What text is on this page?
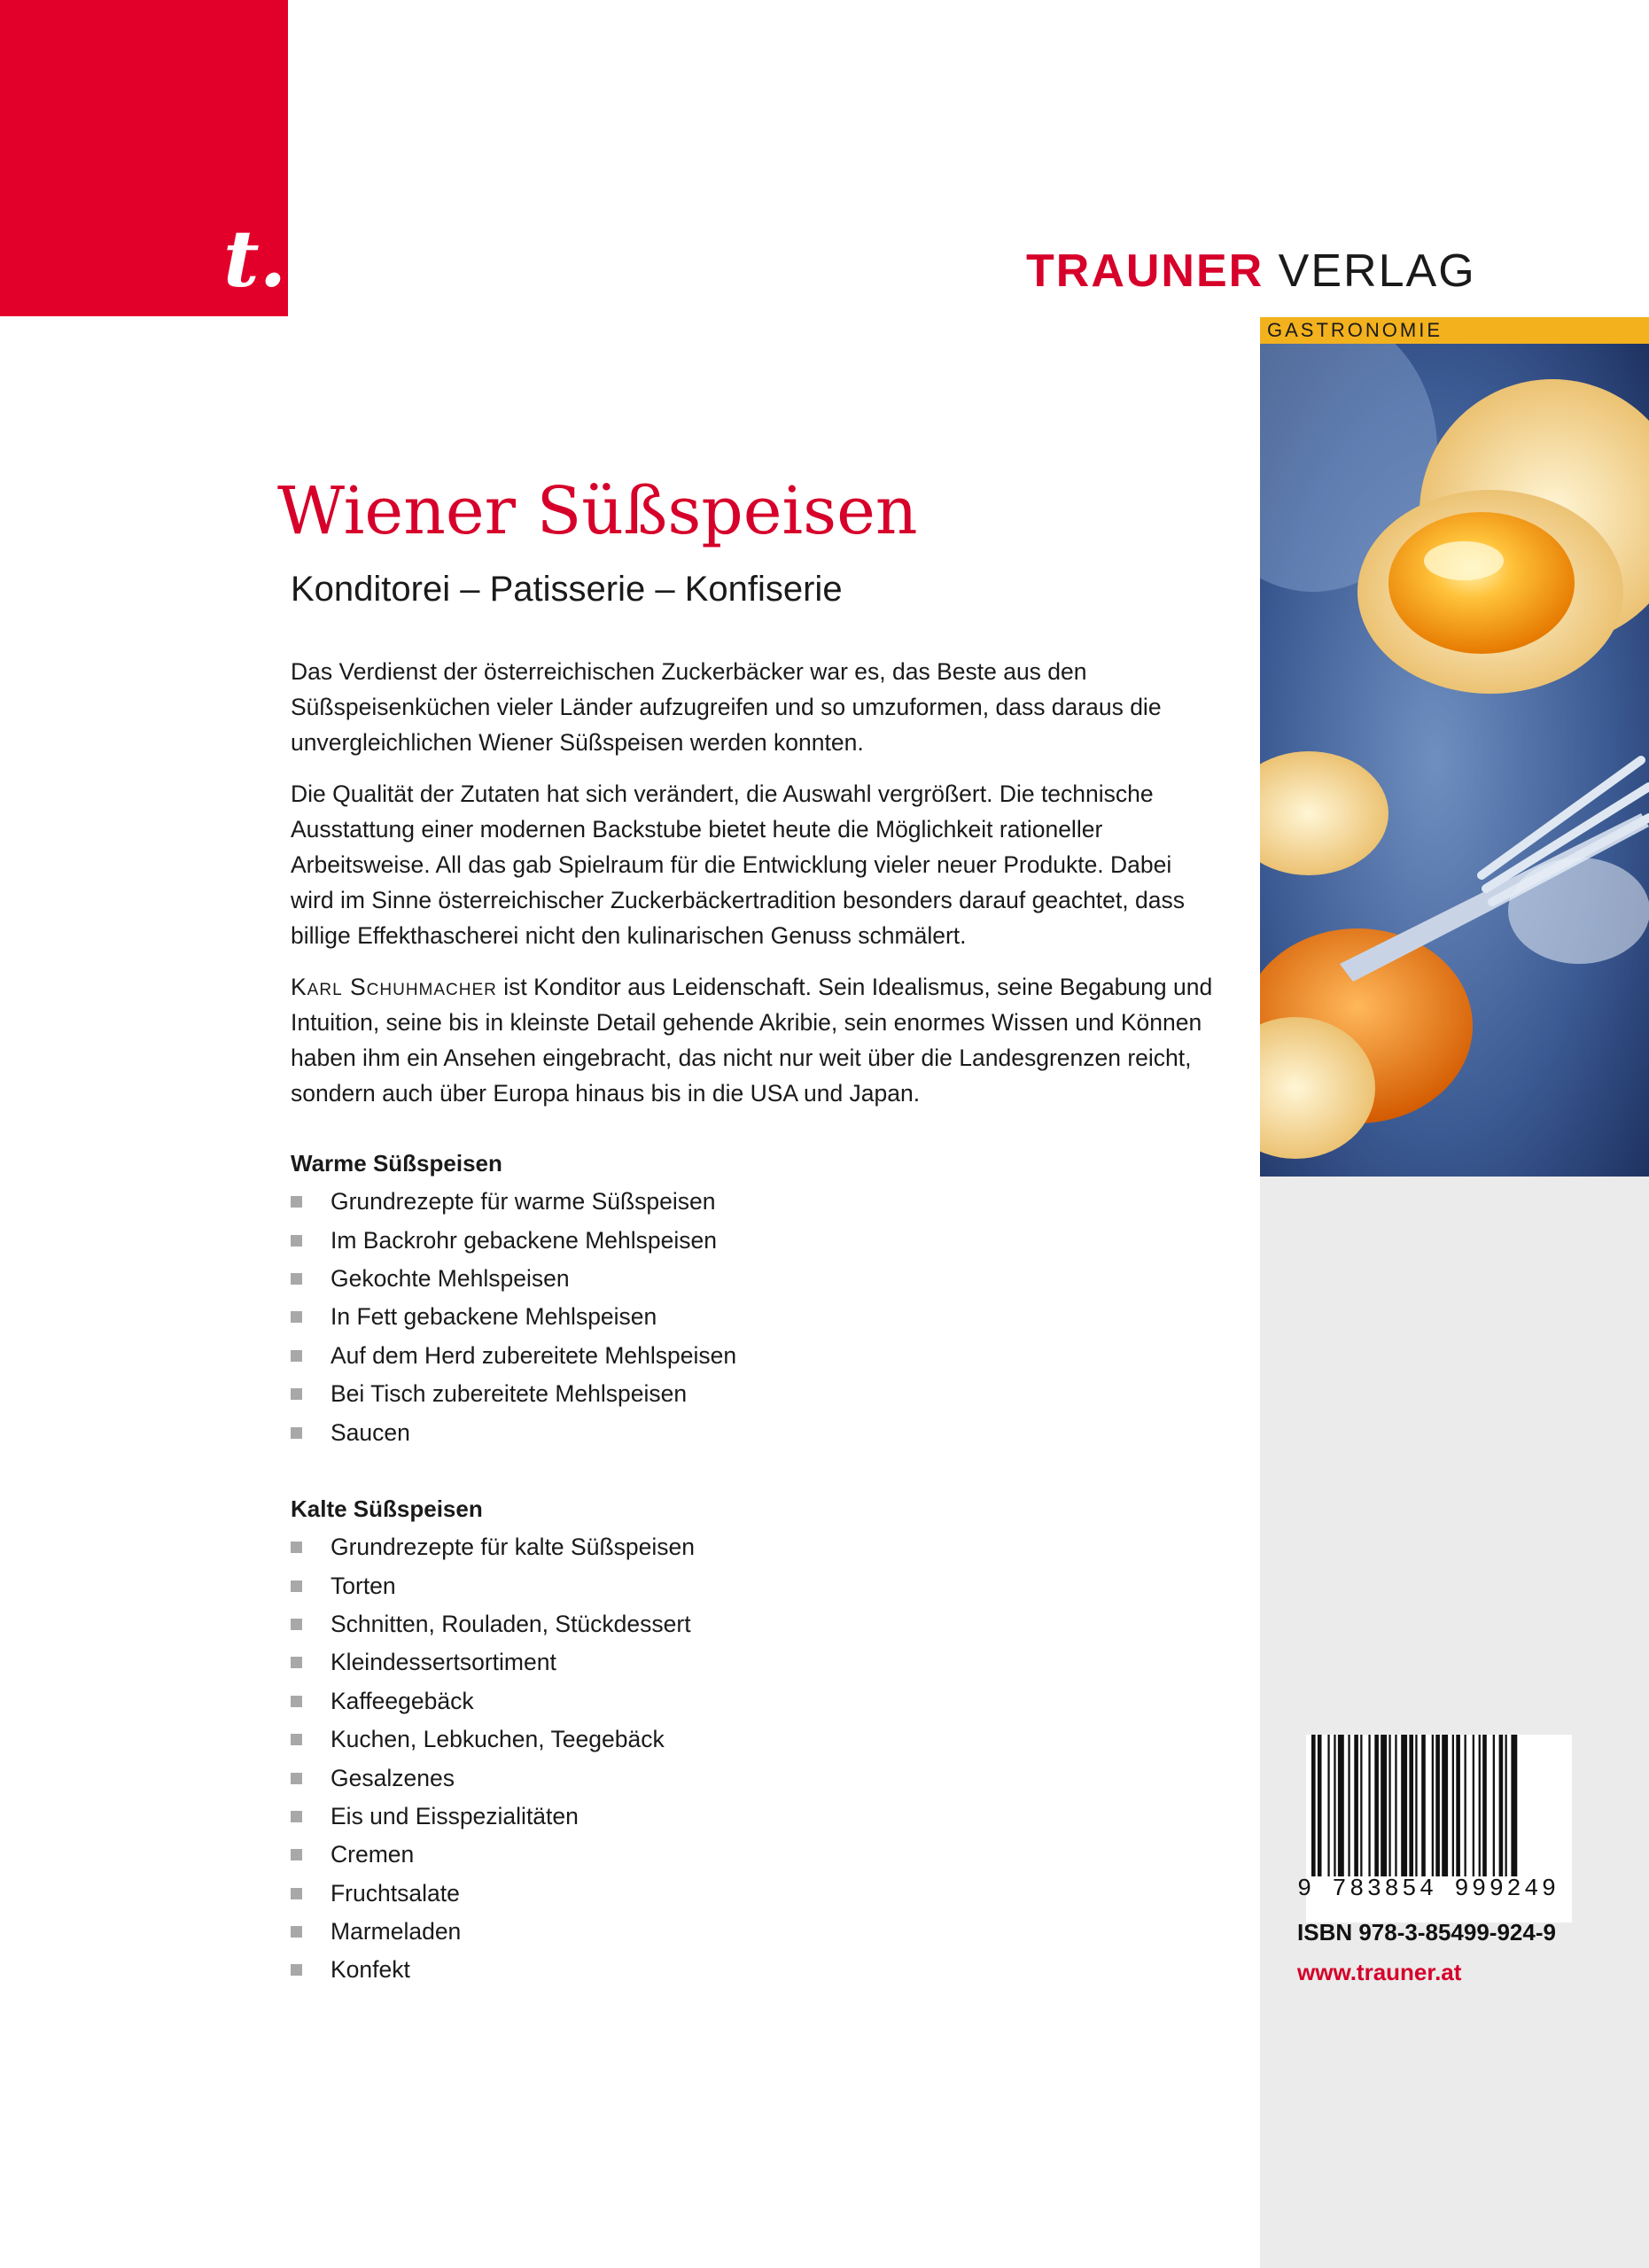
t.	TRAUNER VERLAG
GASTRONOMIE
Wiener Süßspeisen
Konditorei – Patisserie – Konfiserie

Das Verdienst der österreichischen Zuckerbäcker war es, das Beste aus den Süßspeisenküchen vieler Länder aufzugreifen und so umzuformen, dass daraus die unvergleichlichen Wiener Süßspeisen werden konnten.

Die Qualität der Zutaten hat sich verändert, die Auswahl vergrößert. Die technische Ausstattung einer modernen Backstube bietet heute die Möglichkeit rationeller Arbeitsweise. All das gab Spielraum für die Entwicklung vieler neuer Produkte. Dabei wird im Sinne österreichischer Zuckerbäckertradition besonders darauf geachtet, dass billige Effekthascherei nicht den kulinarischen Genuss schmälert.

Karl Schuhmacher ist Konditor aus Leidenschaft. Sein Idealismus, seine Begabung und Intuition, seine bis in kleinste Detail gehende Akribie, sein enormes Wissen und Können haben ihm ein Ansehen eingebracht, das nicht nur weit über die Landesgrenzen reicht, sondern auch über Europa hinaus bis in die USA und Japan.

Warme Süßspeisen
Grundrezepte für warme Süßspeisen
Im Backrohr gebackene Mehlspeisen
Gekochte Mehlspeisen
In Fett gebackene Mehlspeisen
Auf dem Herd zubereitete Mehlspeisen
Bei Tisch zubereitete Mehlspeisen
Saucen
Kalte Süßspeisen
Grundrezepte für kalte Süßspeisen
Torten
Schnitten, Rouladen, Stückdessert
Kleindessertsortiment
Kaffeegebäck
Kuchen, Lebkuchen, Teegebäck
Gesalzenes
Eis und Eisspezialitäten
Cremen
Fruchtsalate
Marmeladen
Konfekt
9 783854 999249
ISBN 978-3-85499-924-9
www.trauner.at
